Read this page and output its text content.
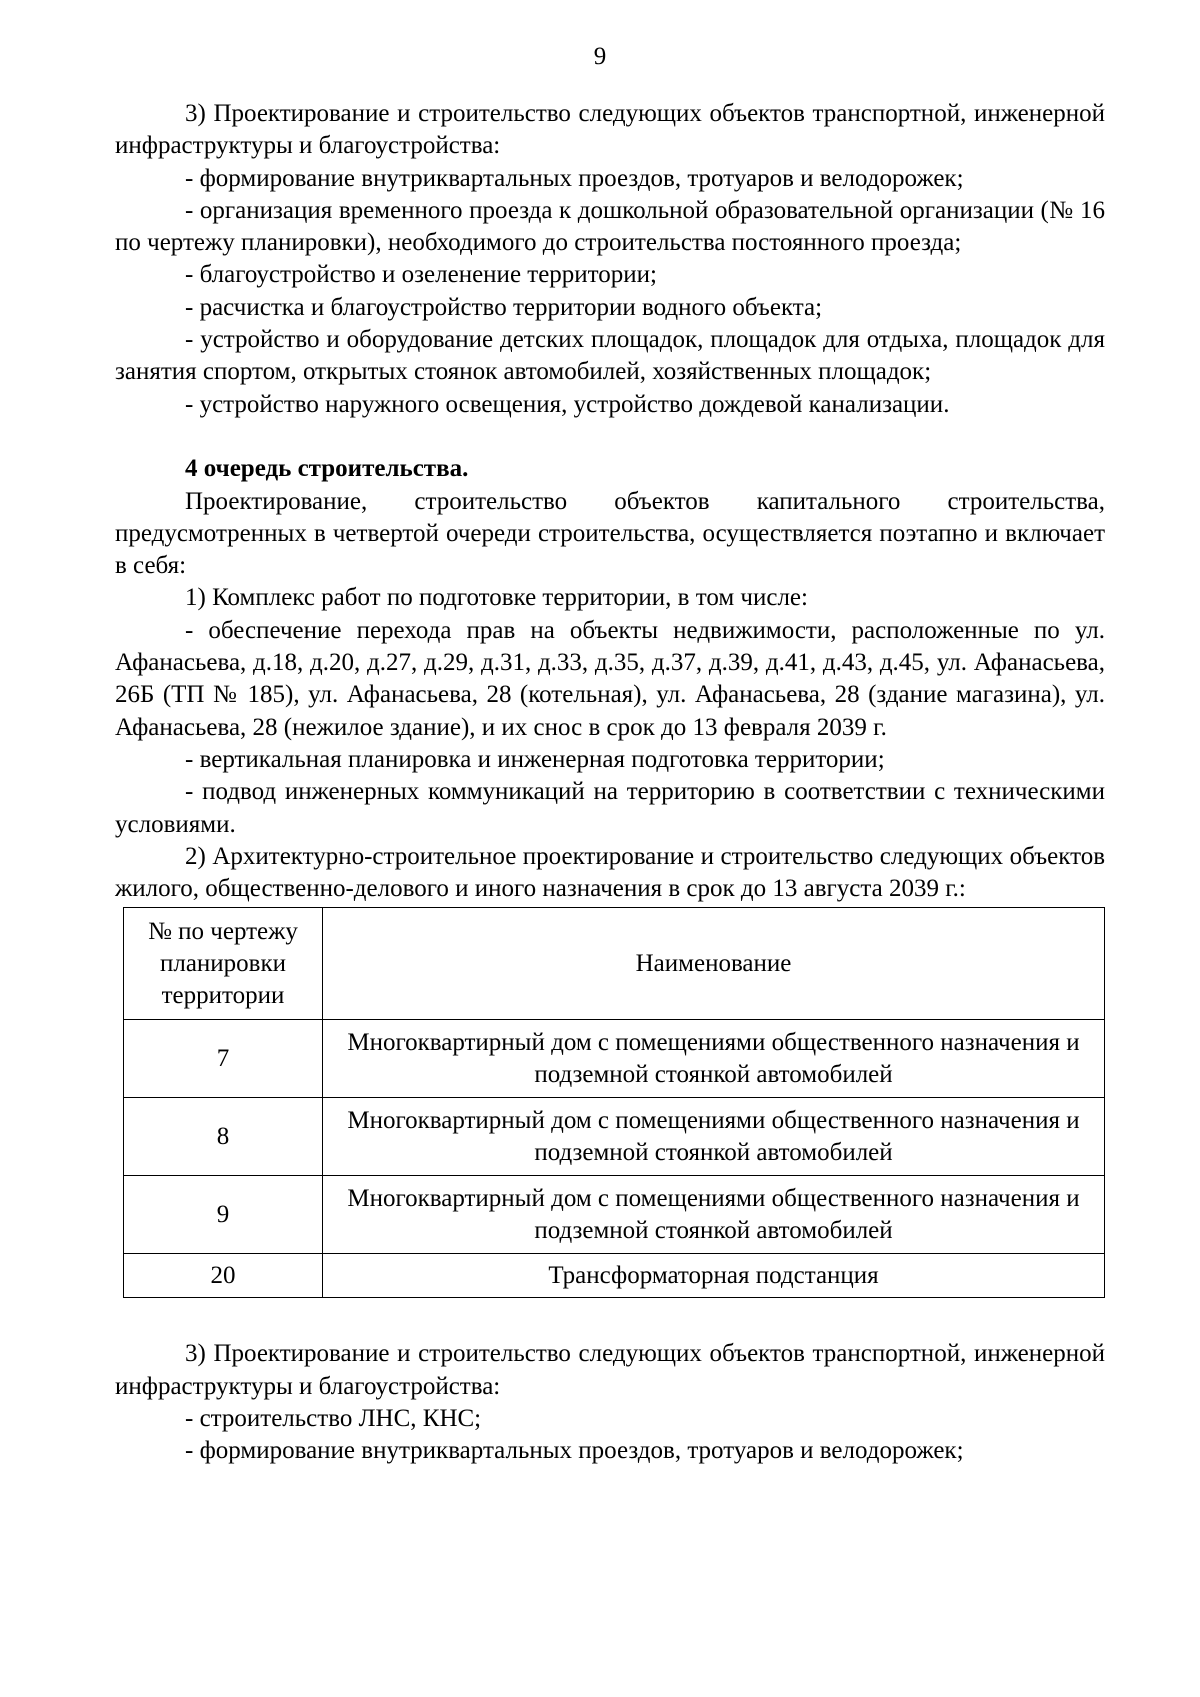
9

3) Проектирование и строительство следующих объектов транспортной, инженерной инфраструктуры и благоустройства:

- формирование внутриквартальных проездов, тротуаров и велодорожек;

- организация временного проезда к дошкольной образовательной организации (№ 16 по чертежу планировки), необходимого до строительства постоянного проезда;

- благоустройство и озеленение территории;

- расчистка и благоустройство территории водного объекта;

- устройство и оборудование детских площадок, площадок для отдыха, площадок для занятия спортом, открытых стоянок автомобилей, хозяйственных площадок;

- устройство наружного освещения, устройство дождевой канализации.

4 очередь строительства.

Проектирование, строительство объектов капитального строительства, предусмотренных в четвертой очереди строительства, осуществляется поэтапно и включает в себя:

1) Комплекс работ по подготовке территории, в том числе:

- обеспечение перехода прав на объекты недвижимости, расположенные по ул. Афанасьева, д.18, д.20, д.27, д.29, д.31, д.33, д.35, д.37, д.39, д.41, д.43, д.45, ул. Афанасьева, 26Б (ТП № 185), ул. Афанасьева, 28 (котельная), ул. Афанасьева, 28 (здание магазина), ул. Афанасьева, 28 (нежилое здание), и их снос в срок до 13 февраля 2039 г.

- вертикальная планировка и инженерная подготовка территории;

- подвод инженерных коммуникаций на территорию в соответствии с техническими условиями.

2) Архитектурно-строительное проектирование и строительство следующих объектов жилого, общественно-делового и иного назначения в срок до 13 августа 2039 г.:

№ по чертежу планировки территории	Наименование
7	Многоквартирный дом с помещениями общественного назначения и подземной стоянкой автомобилей
8	Многоквартирный дом с помещениями общественного назначения и подземной стоянкой автомобилей
9	Многоквартирный дом с помещениями общественного назначения и подземной стоянкой автомобилей
20	Трансформаторная подстанция

3) Проектирование и строительство следующих объектов транспортной, инженерной инфраструктуры и благоустройства:

- строительство ЛНС, КНС;

- формирование внутриквартальных проездов, тротуаров и велодорожек;
